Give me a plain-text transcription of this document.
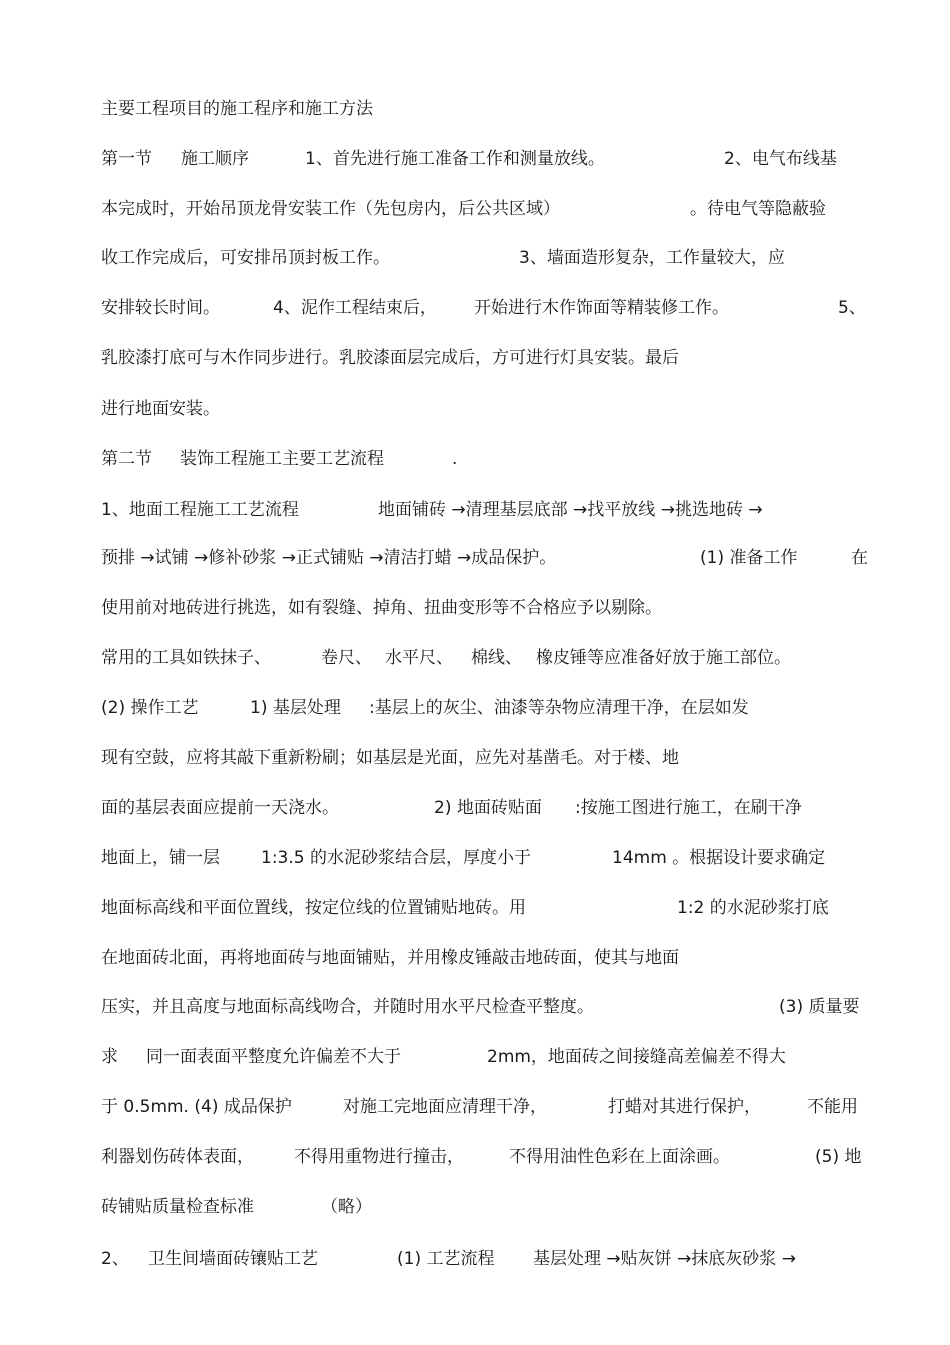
主要工程项目的施工程序和施工方法
第一节 施工顺序	1、首先进行施工准备工作和测量放线。	2、电气布线基
本完成时，开始吊顶龙骨安装工作（先包房内，后公共区域）	。待电气等隐蔽验
收工作完成后，可安排吊顶封板工作。	3、墙面造形复杂，工作量较大，应
安排较长时间。	4、泥作工程结束后， 开始进行木作饰面等精装修工作。	5、
乳胶漆打底可与木作同步进行。乳胶漆面层完成后，方可进行灯具安装。最后
进行地面安装。
第二节 装饰工程施工主要工艺流程	.
1、地面工程施工工艺流程	地面铺砖 →清理基层底部 →找平放线 →挑选地砖 →
预排 →试铺 →修补砂浆 →正式铺贴 →清洁打蜡 →成品保护。	(1) 准备工作	在
使用前对地砖进行挑选，如有裂缝、掉角、扭曲变形等不合格应予以剔除。
常用的工具如铁抹子、	卷尺、 水平尺、 棉线、 橡皮锤等应准备好放于施工部位。
(2) 操作工艺	1) 基层处理 :基层上的灰尘、油漆等杂物应清理干净，在层如发
现有空鼓，应将其敲下重新粉刷；如基层是光面，应先对基凿毛。对于楼、地
面的基层表面应提前一天浇水。	2) 地面砖贴面 :按施工图进行施工，在刷干净
地面上，铺一层 1:3.5 的水泥砂浆结合层，厚度小于	14mm 。根据设计要求确定
地面标高线和平面位置线，按定位线的位置铺贴地砖。用	1:2 的水泥砂浆打底
在地面砖北面，再将地面砖与地面铺贴，并用橡皮锤敲击地砖面，使其与地面
压实，并且高度与地面标高线吻合，并随时用水平尺检查平整度。	(3) 质量要
求 同一面表面平整度允许偏差不大于	2mm，地面砖之间接缝高差偏差不得大
于 0.5mm. (4) 成品保护	对施工完地面应清理干净，	打蜡对其进行保护，	不能用
利器划伤砖体表面， 不得用重物进行撞击，	不得用油性色彩在上面涂画。	(5) 地
砖铺贴质量检查标准	（略）
2、 卫生间墙面砖镶贴工艺	(1) 工艺流程 基层处理 →贴灰饼 →抹底灰砂浆 →
